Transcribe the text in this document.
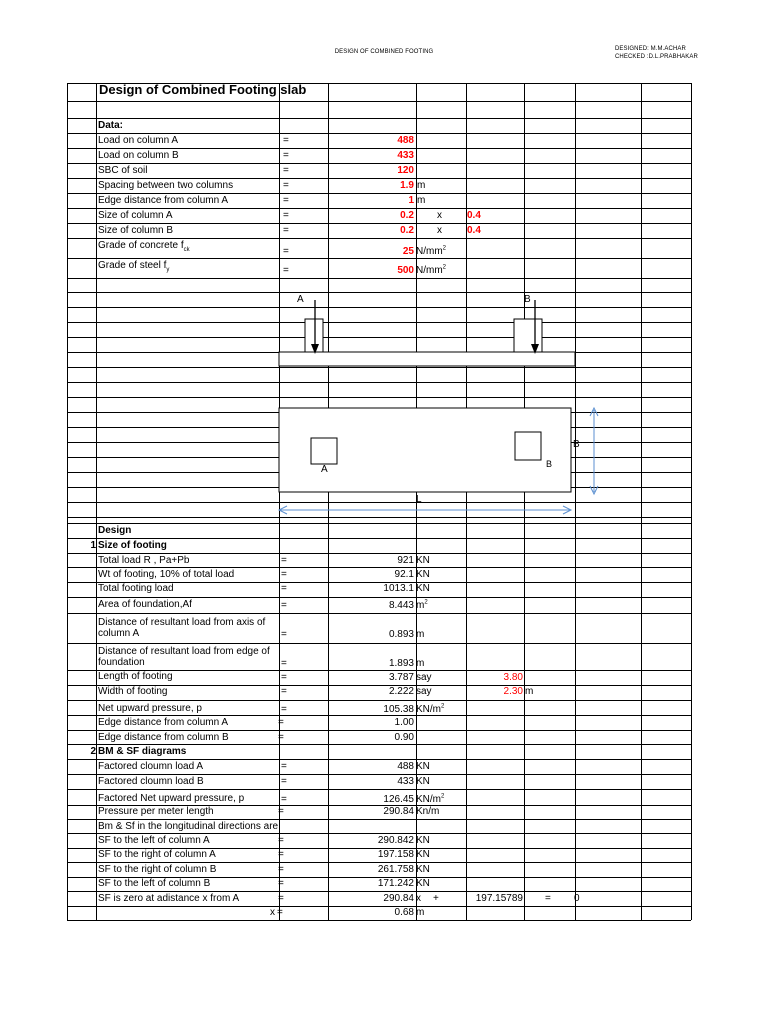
DESIGN OF COMBINED FOOTING	DESIGNED: M.M.ACHAR
CHECKED :D.L.PRABHAKAR
Design of Combined Footing slab
Data:
Load on column A	=	488
Load on column B	=	433
SBC of soil	=	120
Spacing between two columns	=	1.9 m
Edge distance from column A	=	1 m
Size of column A	=	0.2 x	0.4
Size of column B	=	0.2 x	0.4
Grade of concrete $f_{ck}$	=	25 $N/mm^2$
Grade of steel $f_y$	=	500 $N/mm^2$
A	B
A	B
B
L
Design
1 Size of footing
Total load R , Pa+Pb	=	921 KN
Wt of footing, 10% of total load	=	92.1 KN
Total footing load	=	1013.1 KN
Area of foundation,Af	=	8.443 $m^2$
Distance of resultant load from axis of column A	=	0.893 m
Distance of resultant load from edge of foundation	=	1.893 m
Length of footing	=	3.787 say	3.80
Width of footing	=	2.222 say	2.30 m
Net upward pressure, p	=	105.38 $KN/m^2$
Edge distance from column A	=	1.00
Edge distance from column B	=	0.90
2 BM & SF diagrams
Factored cloumn load A	=	488 KN
Factored cloumn load B	=	433 KN
Factored Net upward pressure, p	=	126.45 $KN/m^2$
Pressure per meter length	=	290.84 Kn/m
Bm & Sf in the longitudinal directions are
SF to the left of column A	=	290.842 KN
SF to the right of column A	=	197.158 KN
SF to the right of column B	=	261.758 KN
SF to the left of column B	=	171.242 KN
SF is zero at adistance x from A	=	290.84 x +	197.15789 = 0
x =	0.68 m
